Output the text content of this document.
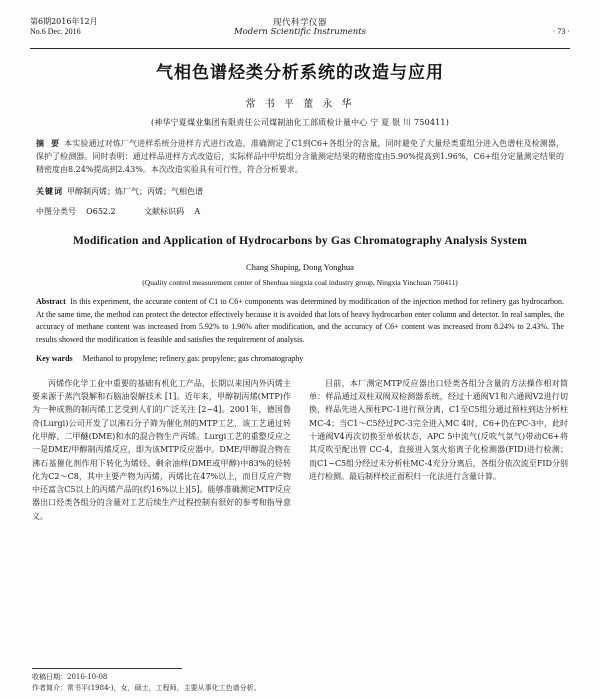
第6期2016年12月
No.6 Dec. 2016
现代科学仪器
Modern Scientific Instruments	· 73 ·
气相色谱烃类分析系统的改造与应用
常 书 平 董 永 华
(神华宁夏煤业集团有限责任公司煤制油化工部质检计量中心 宁 夏 银 川 750411)
摘 要 本实验通过对炼厂气进样系统分进样方式进行改造，准确测定了C1到C6+各组分的含量，同时避免了大量烃类重组分进入色谱柱及检测器，保护了检测器。同时表明：通过样品进样方式改造后，实际样品中甲烷组分含量测定结果的精密度由5.90%提高到1.96%，C6+组分定量测定结果的精密度由8.24%提高到2.43%。本次改造实验具有可行性，符合分析要求。
关键词 甲醇制丙烯；炼厂气；丙烯；气相色谱
中图分类号 O652.2	文献标识码 A
Modification and Application of Hydrocarbons by Gas Chromatography Analysis System
Chang Shuping, Dong Yonghua
(Quality control measurement center of Shenhua ningxia coal industry group, Ningxia Yinchuan 750411)
Abstract In this experiment, the accurate content of C1 to C6+ components was determined by modification of the injection method for refinery gas hydrocarbon. At the same time, the method can protect the detector effectively because it is avoided that lots of heavy hydrocarbon enter column and detector. In real samples, the accuracy of methane content was increased from 5.92% to 1.96% after modification, and the accuracy of C6+ content was increased from 8.24% to 2.43%. The results showed the modification is feasible and satisfies the requirement of analysis.
Key wards Methanol to propylene; refinery gas: propylene; gas chromatography

丙烯作化学工业中重要的基础有机化工产品，长期以来国内外丙烯主要来源于蒸汽裂解和石脑油裂解技术 [1]。近年来，甲醇制丙烯(MTP)作为一种成熟的制丙烯工艺受到人们的广泛关注 [2~4]。2001年，德国鲁奇(Lurgi)公司开发了以沸石分子筛为催化剂的MTP工艺，该工艺通过转化甲醇、二甲醚(DME)和水的混合物生产丙烯。Lurgi工艺的重整反应之一是DME/甲醇制丙烯反应，即为该MTP反应器中。DME/甲醇混合物在沸石基催化剂作用下转化为烯烃、剩余油样(DME或甲醇)中83%的烃转化为C2～C8，其中主要产物为丙烯，丙烯比在47%以上，而目反应产物中还富含C5以上的丙烯产品的(约16%以上)[5]。能够准确测定MTP反应器出口烃类各组分的含量对工艺后续生产过程控制有很好的参考和指导意义。

目前，本厂测定MTP反应器出口烃类各组分含量的方法操作相对简单：样品通过双柱双阀双检测器系统，经过十通阀V1和六通阀V2进行切换，样品先进入预柱PC-1进行预分离，C1至C5组分通过预柱到达分析柱MC-4；当C1～C5经过PC-3完全进入MC 4时，C6+仍在PC-3中，此时十通阀V4再次切换至单板状态，APC 5中流气(反吹气氛气)带动C6+将其反吹至配出管 CC-4，直接进入氢火焰离子化检测器(FID)进行检测；而C1~C5组分经过未分析柱MC-4充分分离后，各组分依次流至FID分别进行检测。最后制样校正面积归一化法进行含量计算。

收稿日期：2016-10-08
作者简介：常书平(1984-)，女，硕士，工程师，主要从事化工色谱分析。
